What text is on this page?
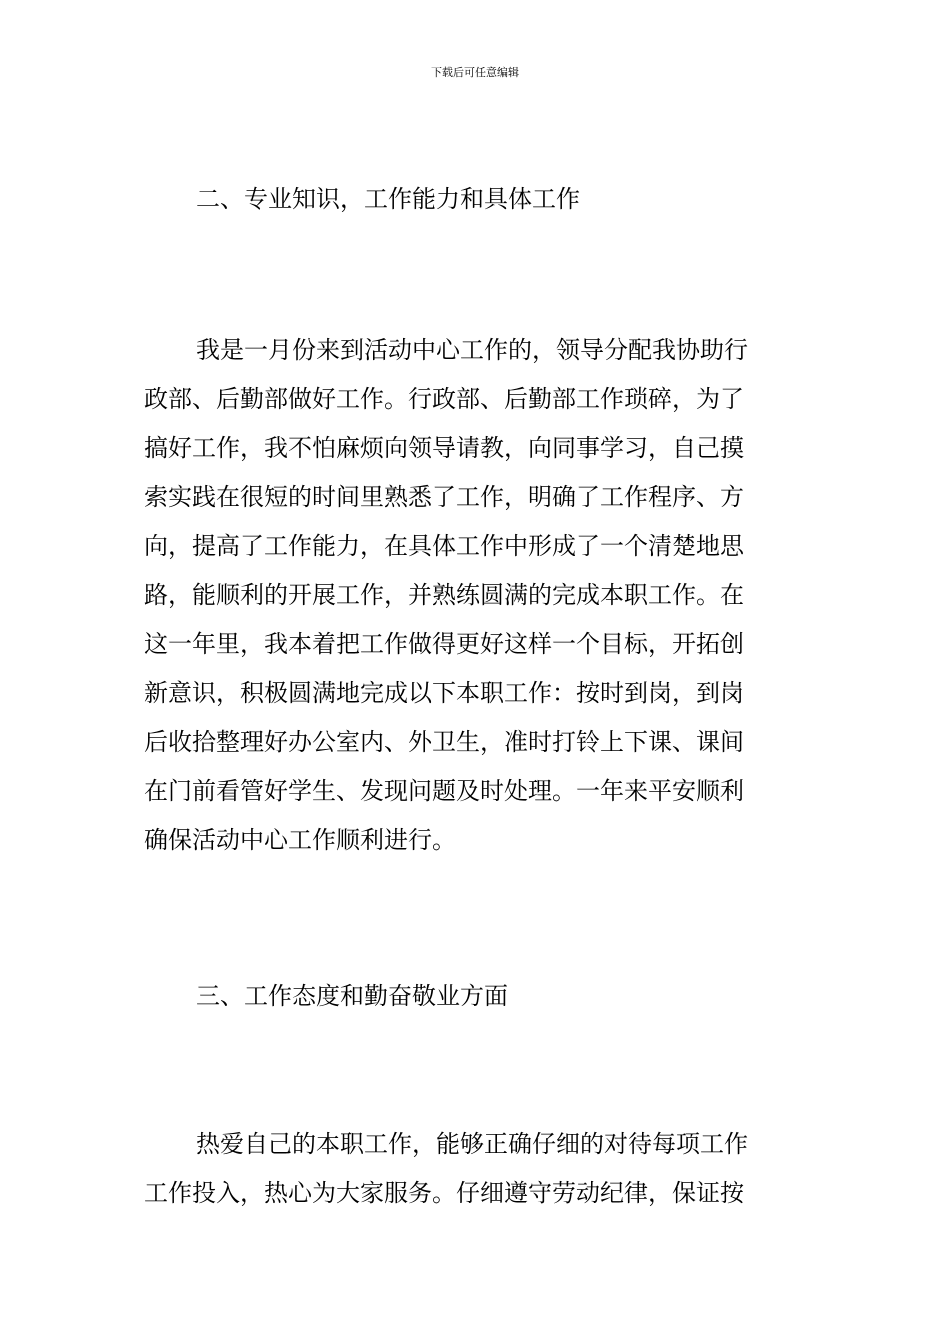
下载后可任意编辑
二、专业知识，工作能力和具体工作
我是一月份来到活动中心工作的，领导分配我协助行
政部、后勤部做好工作。行政部、后勤部工作琐碎，为了
搞好工作，我不怕麻烦向领导请教，向同事学习，自己摸
索实践在很短的时间里熟悉了工作，明确了工作程序、方
向，提高了工作能力，在具体工作中形成了一个清楚地思
路，能顺利的开展工作，并熟练圆满的完成本职工作。在
这一年里，我本着把工作做得更好这样一个目标，开拓创
新意识，积极圆满地完成以下本职工作：按时到岗，到岗
后收拾整理好办公室内、外卫生，准时打铃上下课、课间
在门前看管好学生、发现问题及时处理。一年来平安顺利
确保活动中心工作顺利进行。
三、工作态度和勤奋敬业方面
热爱自己的本职工作，能够正确仔细的对待每项工作
工作投入，热心为大家服务。仔细遵守劳动纪律，保证按
